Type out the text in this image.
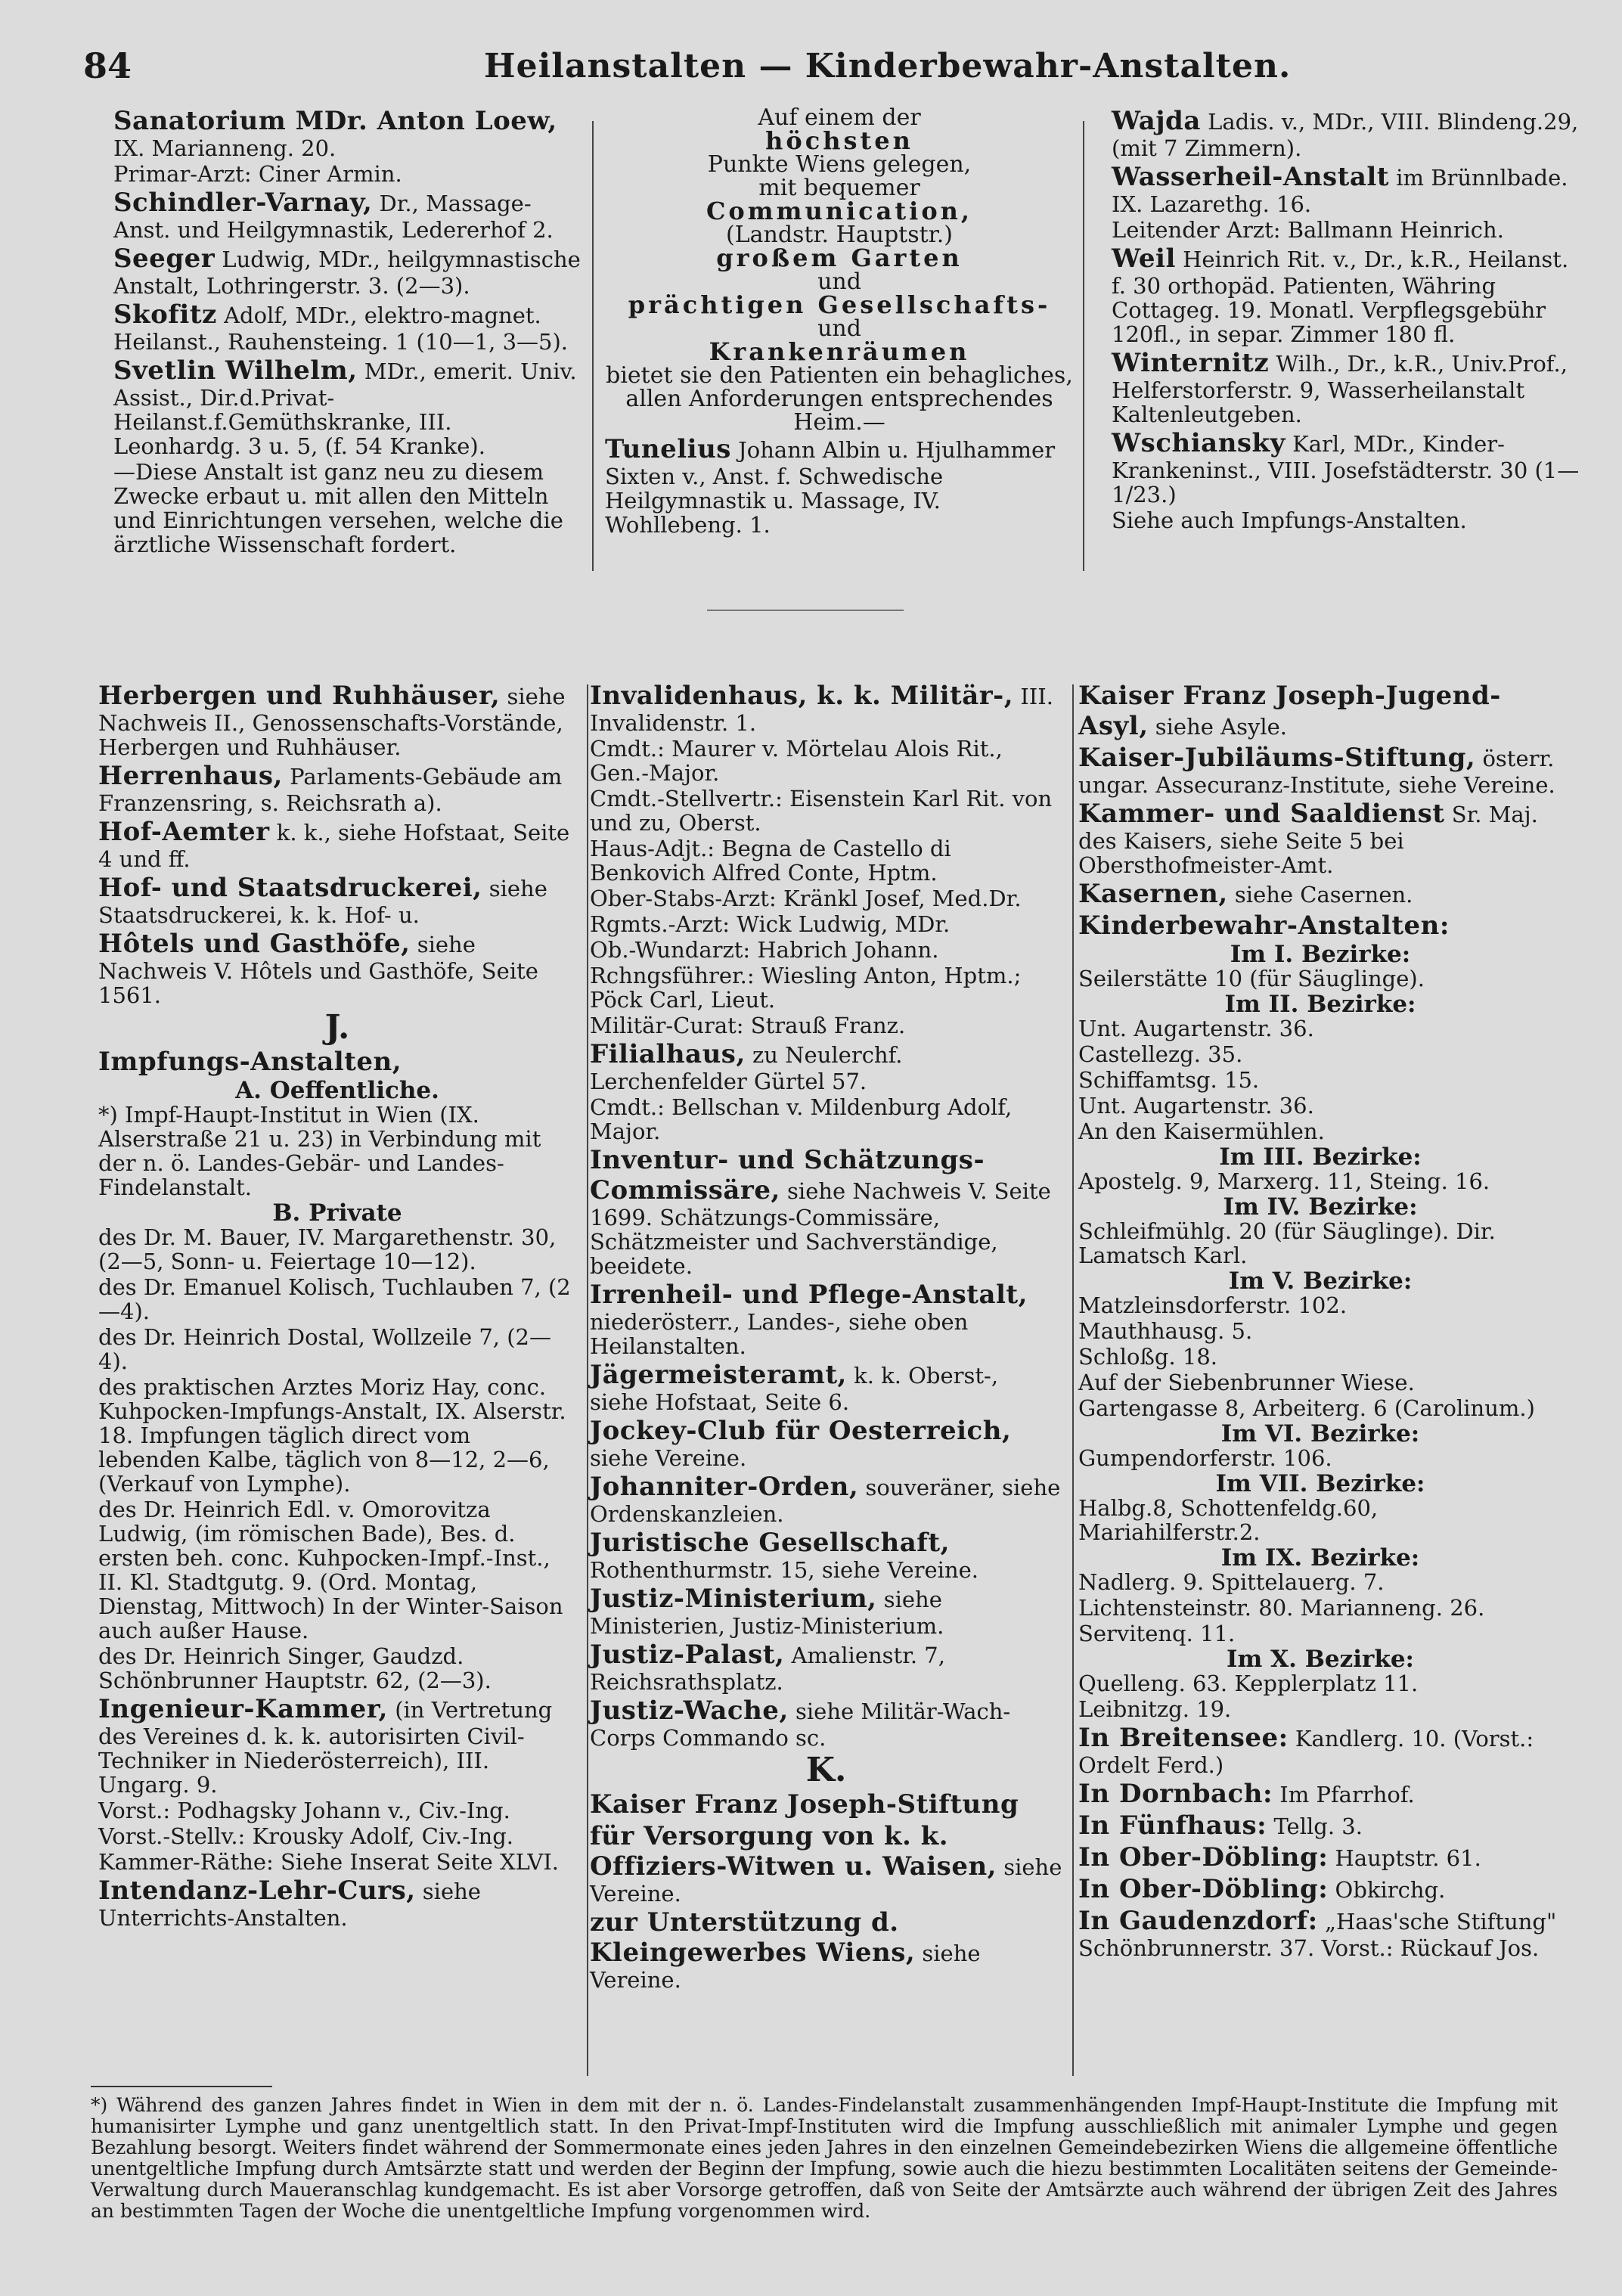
84	Heilanstalten — Kinderbewahr-Anstalten.
Sanatorium MDr. Anton Loew, IX. Marianneng. 20.
Primar-Arzt: Ciner Armin.
Schindler-Varnay, Dr., Massage-Anst. und Heilgymnastik, Ledererhof 2.
Seeger Ludwig, MDr., heilgymnastische Anstalt, Lothringerstr. 3. (2—3).
Skofitz Adolf, MDr., elektro-magnet. Heilanst., Rauhensteing. 1 (10—1, 3—5).
Svetlin Wilhelm, MDr., emerit. Univ. Assist., Dir.d.Privat-Heilanst.f.Gemüthskranke, III. Leonhardg. 3 u. 5, (f. 54 Kranke).
—Diese Anstalt ist ganz neu zu diesem Zwecke erbaut u. mit allen den Mitteln und Einrichtungen versehen, welche die ärztliche Wissenschaft fordert.
Auf einem der
höchsten
Punkte Wiens gelegen,
mit bequemer
Communication,
(Landstr. Hauptstr.)
großem Garten
und
prächtigen Gesellschafts-
und
Krankenräumen
bietet sie den Patienten ein behagliches, allen Anforderungen entsprechendes Heim.—
Tunelius Johann Albin u. Hjulhammer Sixten v., Anst. f. Schwedische Heilgymnastik u. Massage, IV. Wohllebeng. 1.
Wajda Ladis. v., MDr., VIII. Blindeng.29, (mit 7 Zimmern).
Wasserheil-Anstalt im Brünnlbade. IX. Lazarethg. 16.
Leitender Arzt: Ballmann Heinrich.
Weil Heinrich Rit. v., Dr., k.R., Heilanst. f. 30 orthopäd. Patienten, Währing Cottageg. 19. Monatl. Verpflegsgebühr 120fl., in separ. Zimmer 180 fl.
Winternitz Wilh., Dr., k.R., Univ.Prof., Helferstorferstr. 9, Wasserheilanstalt Kaltenleutgeben.
Wschiansky Karl, MDr., Kinder-Krankeninst., VIII. Josefstädterstr. 30 (1—1/23.)
Siehe auch Impfungs-Anstalten.
Herbergen und Ruhhäuser, siehe Nachweis II., Genossenschafts-Vorstände, Herbergen und Ruhhäuser.
Herrenhaus, Parlaments-Gebäude am Franzensring, s. Reichsrath a).
Hof-Aemter k. k., siehe Hofstaat, Seite 4 und ff.
Hof- und Staatsdruckerei, siehe Staatsdruckerei, k. k. Hof- u.
Hôtels und Gasthöfe, siehe Nachweis V. Hôtels und Gasthöfe, Seite 1561.
J.
Impfungs-Anstalten,
A. Oeffentliche.
*) Impf-Haupt-Institut in Wien (IX. Alserstraße 21 u. 23) in Verbindung mit der n. ö. Landes-Gebär- und Landes-Findelanstalt.
B. Private
des Dr. M. Bauer, IV. Margarethenstr. 30, (2—5, Sonn- u. Feiertage 10—12).
des Dr. Emanuel Kolisch, Tuchlauben 7, (2—4).
des Dr. Heinrich Dostal, Wollzeile 7, (2—4).
des praktischen Arztes Moriz Hay, conc. Kuhpocken-Impfungs-Anstalt, IX. Alserstr. 18. Impfungen täglich direct vom lebenden Kalbe, täglich von 8—12, 2—6, (Verkauf von Lymphe).
des Dr. Heinrich Edl. v. Omorovitza Ludwig, (im römischen Bade), Bes. d. ersten beh. conc. Kuhpocken-Impf.-Inst., II. Kl. Stadtgutg. 9. (Ord. Montag, Dienstag, Mittwoch) In der Winter-Saison auch außer Hause.
des Dr. Heinrich Singer, Gaudzd. Schönbrunner Hauptstr. 62, (2—3).
Ingenieur-Kammer, (in Vertretung des Vereines d. k. k. autorisirten Civil-Techniker in Niederösterreich), III. Ungarg. 9.
Vorst.: Podhagsky Johann v., Civ.-Ing.
Vorst.-Stellv.: Krousky Adolf, Civ.-Ing.
Kammer-Räthe: Siehe Inserat Seite XLVI.
Intendanz-Lehr-Curs, siehe Unterrichts-Anstalten.
Invalidenhaus, k. k. Militär-, III. Invalidenstr. 1.
Cmdt.: Maurer v. Mörtelau Alois Rit., Gen.-Major.
Cmdt.-Stellvertr.: Eisenstein Karl Rit. von und zu, Oberst.
Haus-Adjt.: Begna de Castello di Benkovich Alfred Conte, Hptm.
Ober-Stabs-Arzt: Kränkl Josef, Med.Dr.
Rgmts.-Arzt: Wick Ludwig, MDr.
Ob.-Wundarzt: Habrich Johann.
Rchngsführer.: Wiesling Anton, Hptm.; Pöck Carl, Lieut.
Militär-Curat: Strauß Franz.
Filialhaus, zu Neulerchf. Lerchenfelder Gürtel 57.
Cmdt.: Bellschan v. Mildenburg Adolf, Major.
Inventur- und Schätzungs-Commissäre, siehe Nachweis V. Seite 1699. Schätzungs-Commissäre, Schätzmeister und Sachverständige, beeidete.
Irrenheil- und Pflege-Anstalt, niederösterr., Landes-, siehe oben Heilanstalten.
Jägermeisteramt, k. k. Oberst-, siehe Hofstaat, Seite 6.
Jockey-Club für Oesterreich, siehe Vereine.
Johanniter-Orden, souveräner, siehe Ordenskanzleien.
Juristische Gesellschaft, Rothenthurmstr. 15, siehe Vereine.
Justiz-Ministerium, siehe Ministerien, Justiz-Ministerium.
Justiz-Palast, Amalienstr. 7, Reichsrathsplatz.
Justiz-Wache, siehe Militär-Wach-Corps Commando sc.
K.
Kaiser Franz Joseph-Stiftung
für Versorgung von k. k. Offiziers-Witwen u. Waisen, siehe Vereine.
zur Unterstützung d. Kleingewerbes Wiens, siehe Vereine.
Kaiser Franz Joseph-Jugend-Asyl, siehe Asyle.
Kaiser-Jubiläums-Stiftung, österr. ungar. Assecuranz-Institute, siehe Vereine.
Kammer- und Saaldienst Sr. Maj. des Kaisers, siehe Seite 5 bei Obersthofmeister-Amt.
Kasernen, siehe Casernen.
Kinderbewahr-Anstalten:
Im I. Bezirke:
Seilerstätte 10 (für Säuglinge).
Im II. Bezirke:
Unt. Augartenstr. 36.
Castellezg. 35.
Schiffamtsg. 15.
Unt. Augartenstr. 36.
An den Kaisermühlen.
Im III. Bezirke:
Apostelg. 9, Marxerg. 11, Steing. 16.
Im IV. Bezirke:
Schleifmühlg. 20 (für Säuglinge). Dir. Lamatsch Karl.
Im V. Bezirke:
Matzleinsdorferstr. 102.
Mauthhausg. 5.
Schloßg. 18.
Auf der Siebenbrunner Wiese.
Gartengasse 8, Arbeiterg. 6 (Carolinum.)
Im VI. Bezirke:
Gumpendorferstr. 106.
Im VII. Bezirke:
Halbg.8, Schottenfeldg.60, Mariahilferstr.2.
Im IX. Bezirke:
Nadlerg. 9. Spittelauerg. 7.
Lichtensteinstr. 80. Marianneng. 26.
Servitenq. 11.
Im X. Bezirke:
Quelleng. 63. Kepplerplatz 11.
Leibnitzg. 19.
In Breitensee: Kandlerg. 10. (Vorst.: Ordelt Ferd.)
In Dornbach: Im Pfarrhof.
In Fünfhaus: Tellg. 3.
In Ober-Döbling: Hauptstr. 61.
In Ober-Döbling: Obkirchg.
In Gaudenzdorf: „Haas'sche Stiftung" Schönbrunnerstr. 37. Vorst.: Rückauf Jos.
*) Während des ganzen Jahres findet in Wien in dem mit der n. ö. Landes-Findelanstalt zusammenhängenden Impf-Haupt-Institute die Impfung mit humanisirter Lymphe und ganz unentgeltlich statt. In den Privat-Impf-Instituten wird die Impfung ausschließlich mit animaler Lymphe und gegen Bezahlung besorgt. Weiters findet während der Sommermonate eines jeden Jahres in den einzelnen Gemeindebezirken Wiens die allgemeine öffentliche unentgeltliche Impfung durch Amtsärzte statt und werden der Beginn der Impfung, sowie auch die hiezu bestimmten Localitäten seitens der Gemeinde-Verwaltung durch Maueranschlag kundgemacht. Es ist aber Vorsorge getroffen, daß von Seite der Amtsärzte auch während der übrigen Zeit des Jahres an bestimmten Tagen der Woche die unentgeltliche Impfung vorgenommen wird.
